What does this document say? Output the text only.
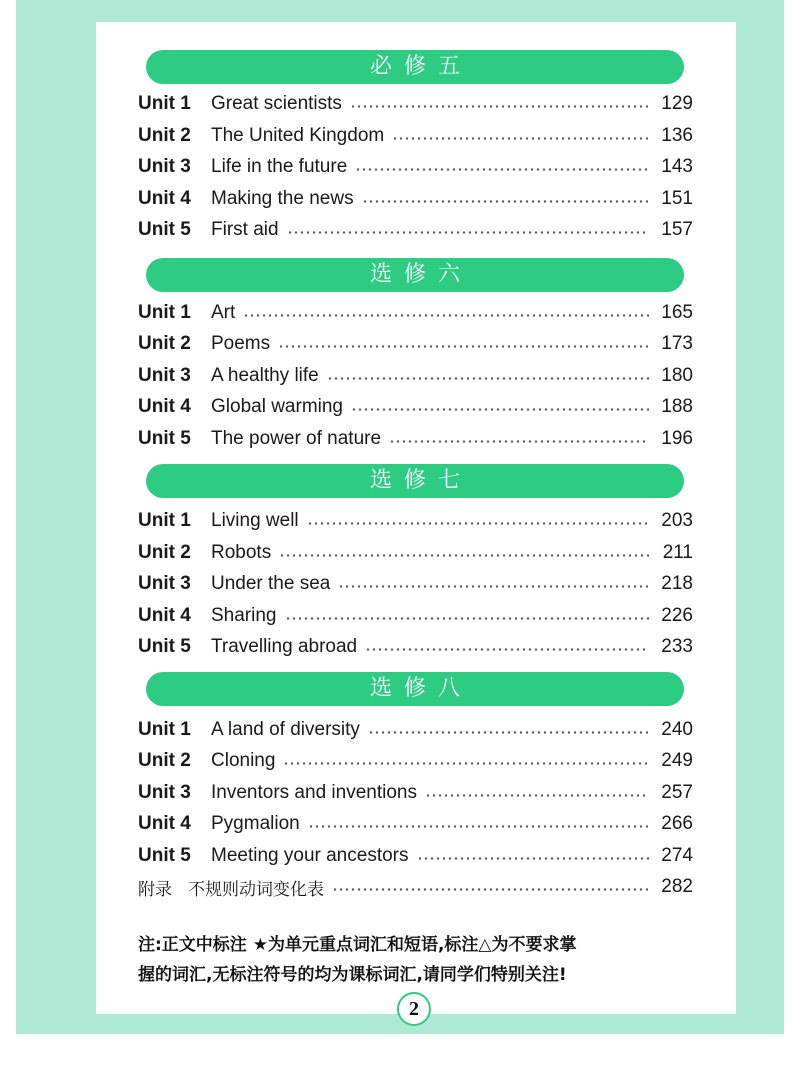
必修五
Unit 1	Great scientists	129
Unit 2	The United Kingdom	136
Unit 3	Life in the future	143
Unit 4	Making the news	151
Unit 5	First aid	157
选修六
Unit 1	Art	165
Unit 2	Poems	173
Unit 3	A healthy life	180
Unit 4	Global warming	188
Unit 5	The power of nature	196
选修七
Unit 1	Living well	203
Unit 2	Robots	211
Unit 3	Under the sea	218
Unit 4	Sharing	226
Unit 5	Travelling abroad	233
选修八
Unit 1	A land of diversity	240
Unit 2	Cloning	249
Unit 3	Inventors and inventions	257
Unit 4	Pygmalion	266
Unit 5	Meeting your ancestors	274
附录 不规则动词变化表	282
注:正文中标注 ★为单元重点词汇和短语,标注△为不要求掌
握的词汇,无标注符号的均为课标词汇,请同学们特别关注!
2
